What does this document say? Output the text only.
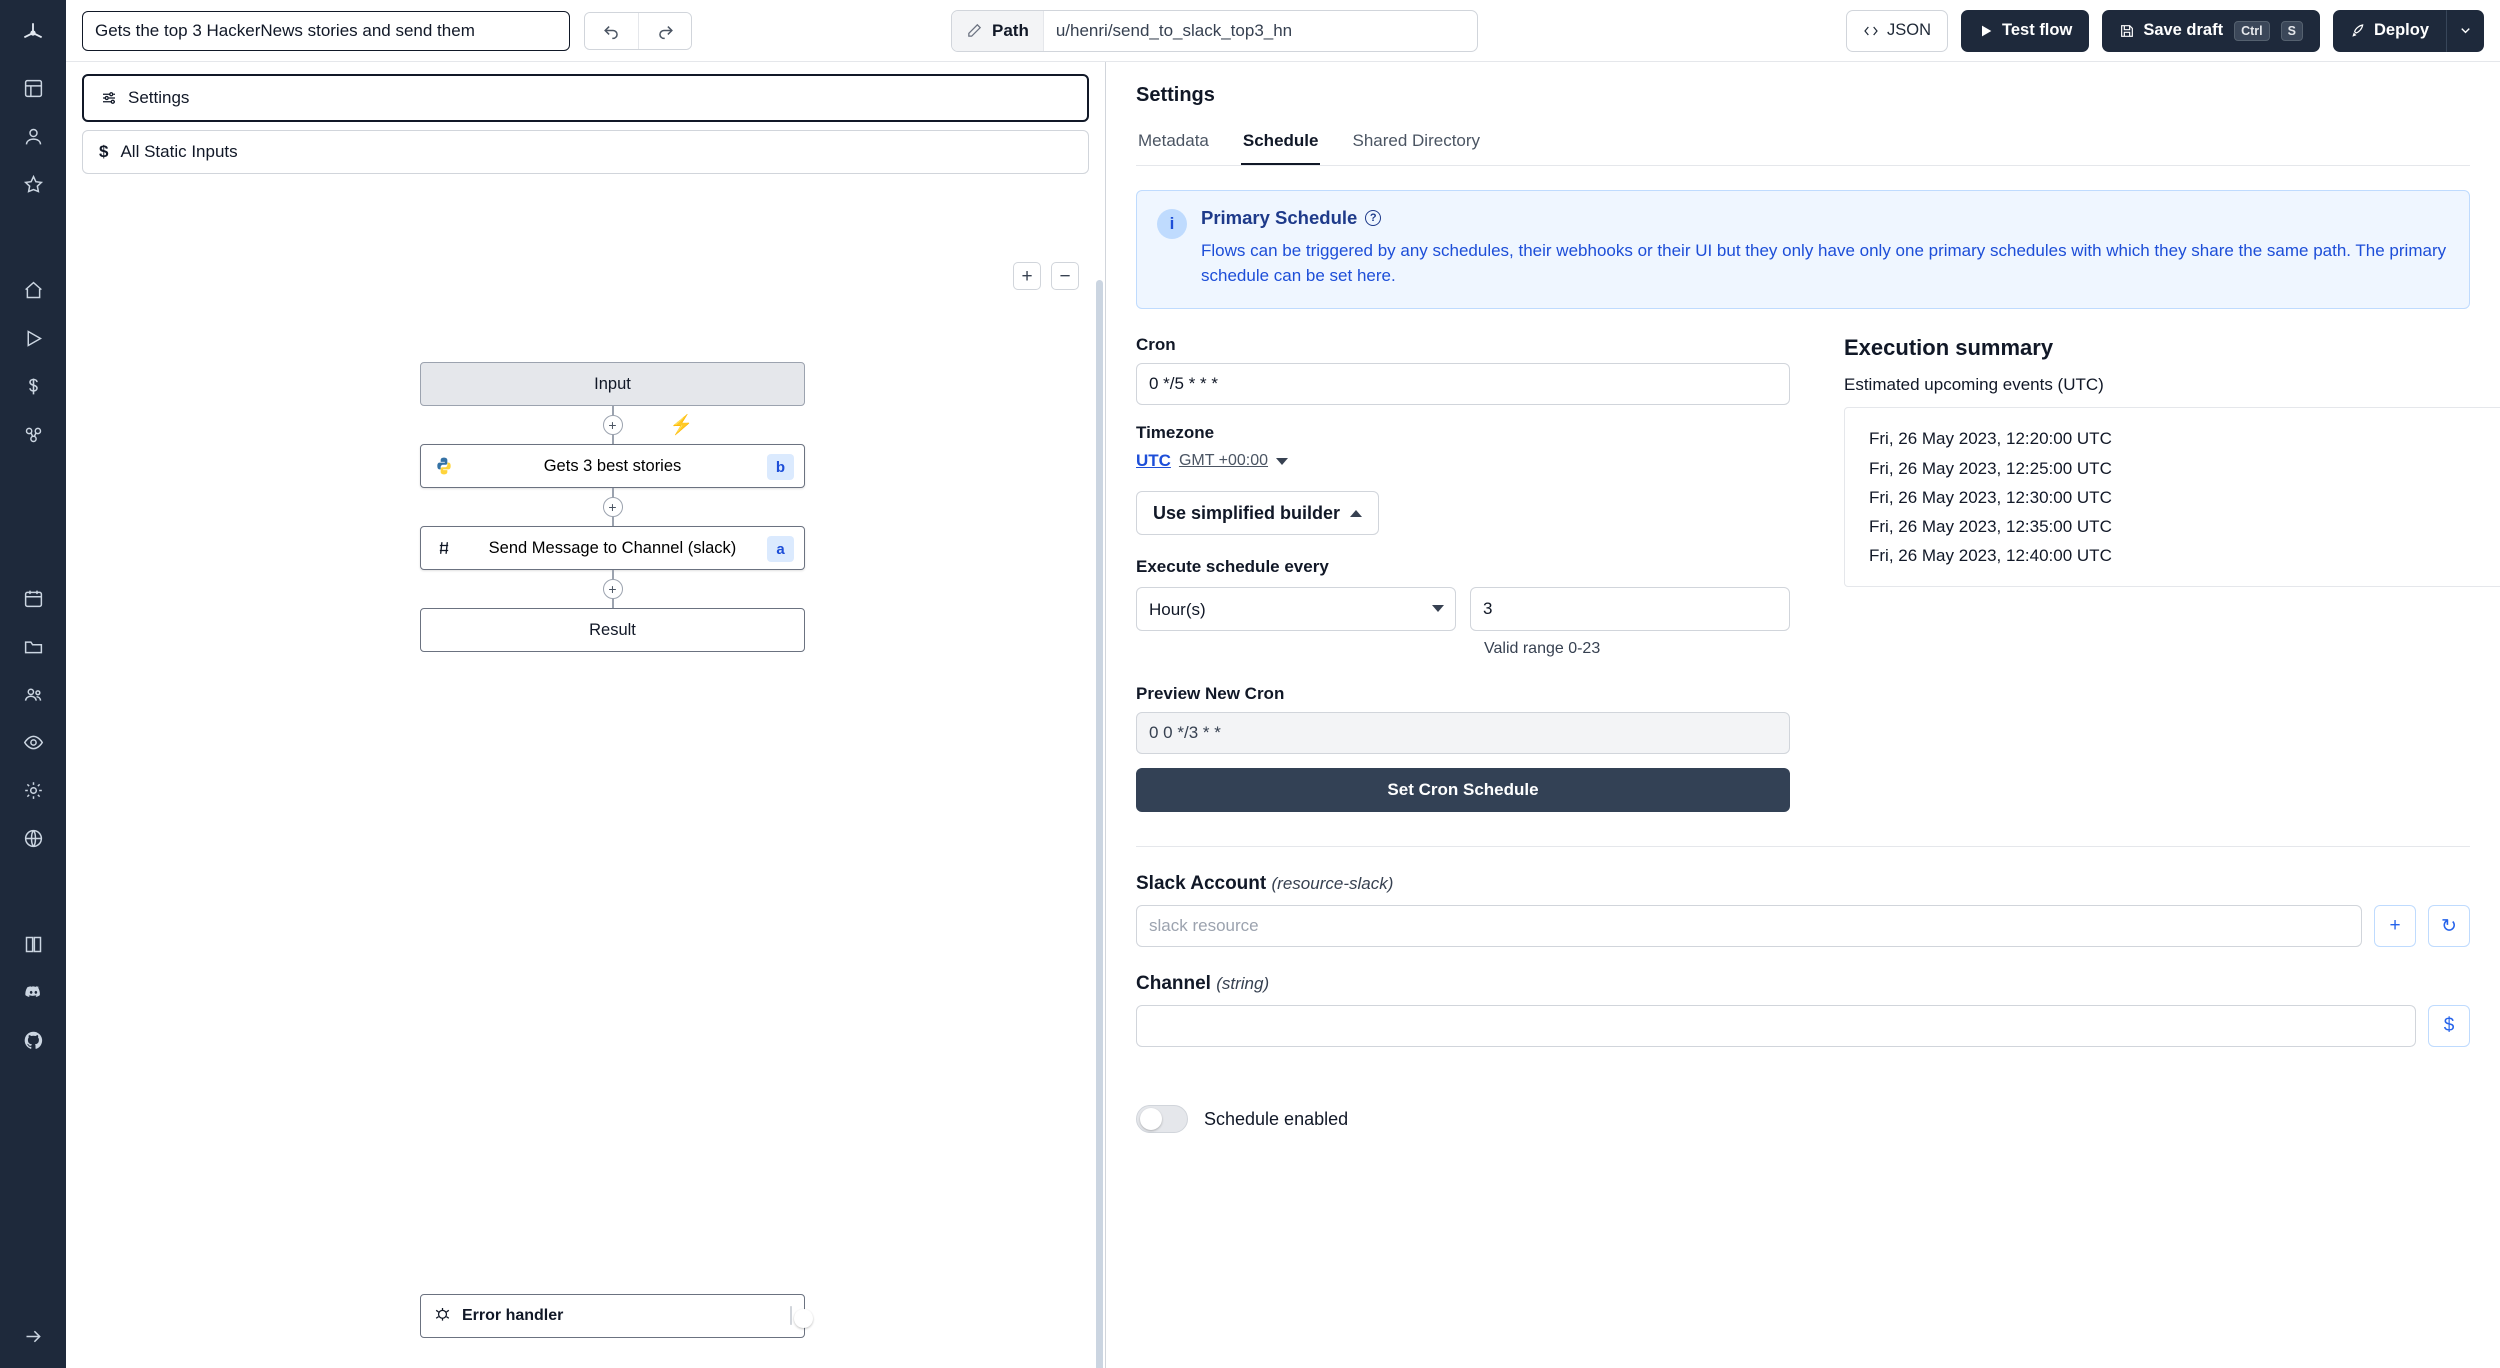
Gets the top 3 HackerNews stories and send them
Path	u/henri/send_to_slack_top3_hn	JSON	Test flow	Save draft	Ctrl	S	Deploy
Settings
$ All Static Inputs
+	−
Input
+	⚡
Gets 3 best stories	b
+
Send Message to Channel (slack)	a
+
Result
Error handler
Settings
Metadata Schedule Shared Directory
i	Primary Schedule	?
Flows can be triggered by any schedules, their webhooks or their UI but they only have only one primary schedules with which they share the same path. The primary schedule can be set here.
Cron
0 */5 * * *
Timezone
UTC GMT +00:00
Use simplified builder
Execute schedule every
Hour(s)
3
Valid range 0-23
Preview New Cron
0 0 */3 * * Set Cron Schedule
Execution summary
Estimated upcoming events (UTC)
Fri, 26 May 2023, 12:20:00 UTC
Fri, 26 May 2023, 12:25:00 UTC
Fri, 26 May 2023, 12:30:00 UTC
Fri, 26 May 2023, 12:35:00 UTC
Fri, 26 May 2023, 12:40:00 UTC
Slack Account (resource-slack)
slack resource
+	↻
Channel (string)
$
Schedule enabled
